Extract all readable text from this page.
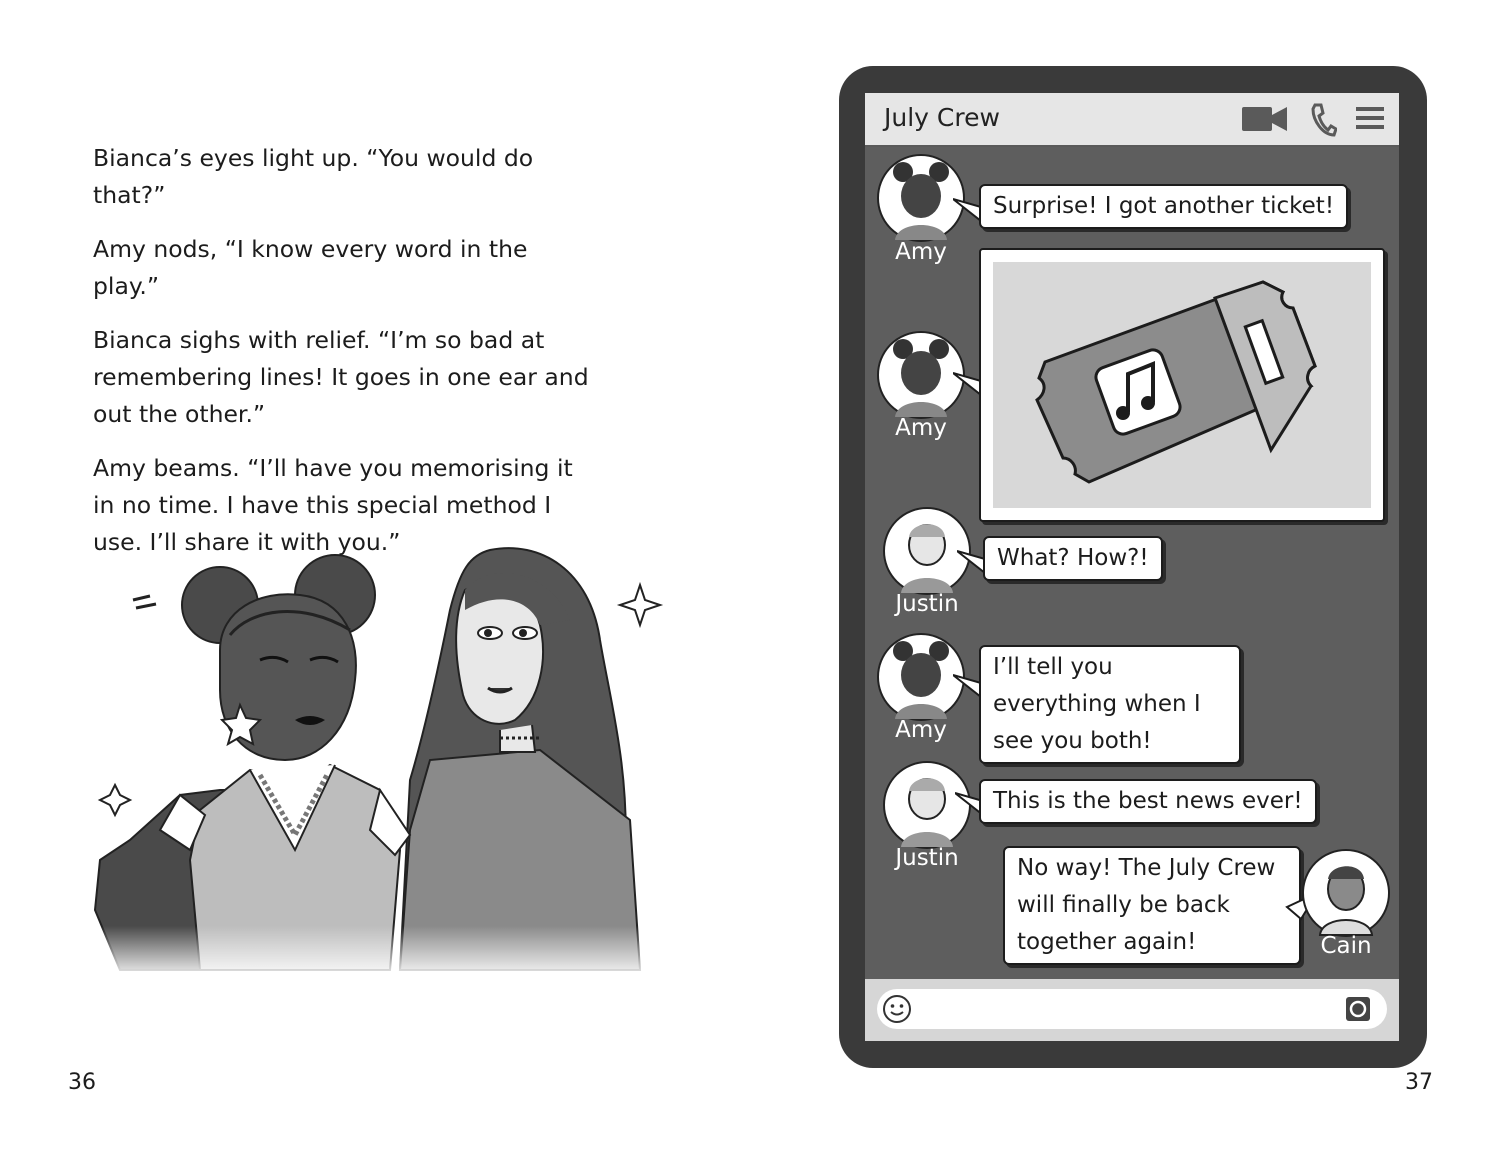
Bianca’s eyes light up. “You would do that?”

Amy nods, “I know every word in the play.”

Bianca sighs with relief. “I’m so bad at remembering lines! It goes in one ear and out the other.”

Amy beams. “I’ll have you memorising it in no time. I have this special method I

36	37
July Crew
Amy
Surprise! I got another ticket!
Amy
Justin
What? How?!
Amy
I’ll tell you everything when I see you both!
Justin
This is the best news ever!
No way! The July Crew will finally be back together again!	Cain
